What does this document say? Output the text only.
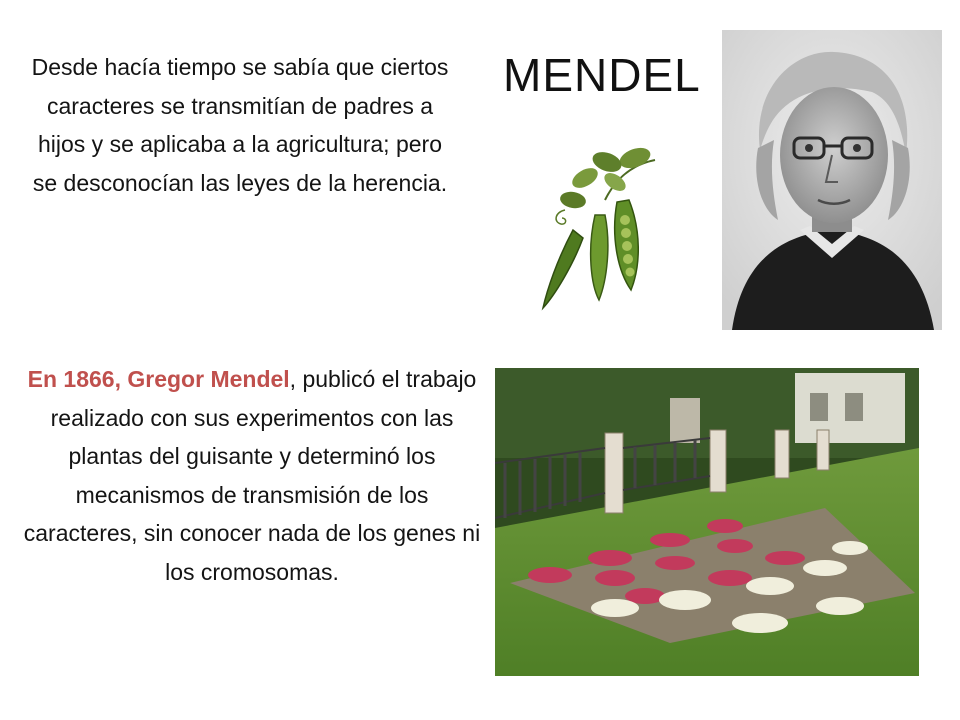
Desde hacía tiempo se sabía que ciertos caracteres se transmitían de padres a hijos y se aplicaba a la agricultura; pero se desconocían las leyes de la herencia.
MENDEL
En 1866, Gregor Mendel, publicó el trabajo realizado con sus experimentos con las plantas del guisante y determinó los mecanismos de transmisión de los caracteres, sin conocer nada de los genes ni los cromosomas.
